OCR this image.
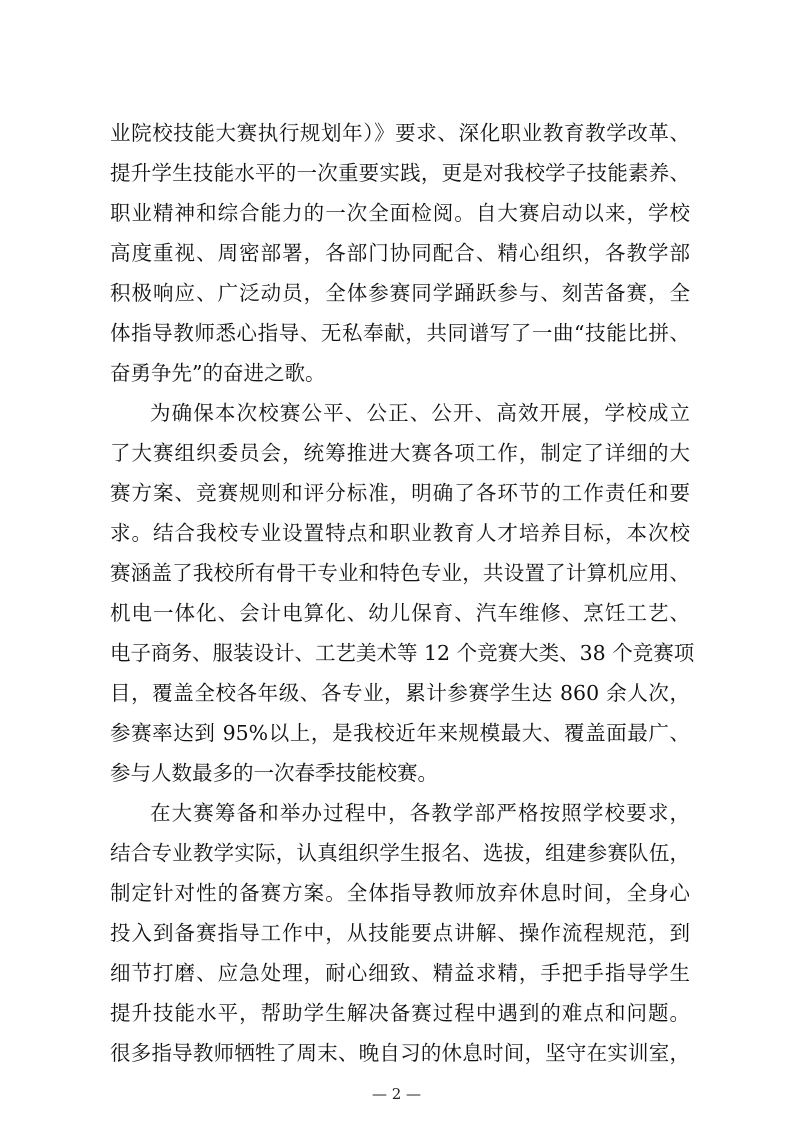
业院校技能大赛执行规划年）》要求、深化职业教育教学改革、
提升学生技能水平的一次重要实践，更是对我校学子技能素养、
职业精神和综合能力的一次全面检阅。自大赛启动以来，学校
高度重视、周密部署，各部门协同配合、精心组织，各教学部
积极响应、广泛动员，全体参赛同学踊跃参与、刻苦备赛，全
体指导教师悉心指导、无私奉献，共同谱写了一曲“技能比拼、
奋勇争先”的奋进之歌。
为确保本次校赛公平、公正、公开、高效开展，学校成立
了大赛组织委员会，统筹推进大赛各项工作，制定了详细的大
赛方案、竞赛规则和评分标准，明确了各环节的工作责任和要
求。结合我校专业设置特点和职业教育人才培养目标，本次校
赛涵盖了我校所有骨干专业和特色专业，共设置了计算机应用、
机电一体化、会计电算化、幼儿保育、汽车维修、烹饪工艺、
电子商务、服装设计、工艺美术等 12 个竞赛大类、38 个竞赛项
目，覆盖全校各年级、各专业，累计参赛学生达 860 余人次，
参赛率达到 95%以上，是我校近年来规模最大、覆盖面最广、
参与人数最多的一次春季技能校赛。
在大赛筹备和举办过程中，各教学部严格按照学校要求，
结合专业教学实际，认真组织学生报名、选拔，组建参赛队伍，
制定针对性的备赛方案。全体指导教师放弃休息时间，全身心
投入到备赛指导工作中，从技能要点讲解、操作流程规范，到
细节打磨、应急处理，耐心细致、精益求精，手把手指导学生
提升技能水平，帮助学生解决备赛过程中遇到的难点和问题。
很多指导教师牺牲了周末、晚自习的休息时间，坚守在实训室，
— 2 —
